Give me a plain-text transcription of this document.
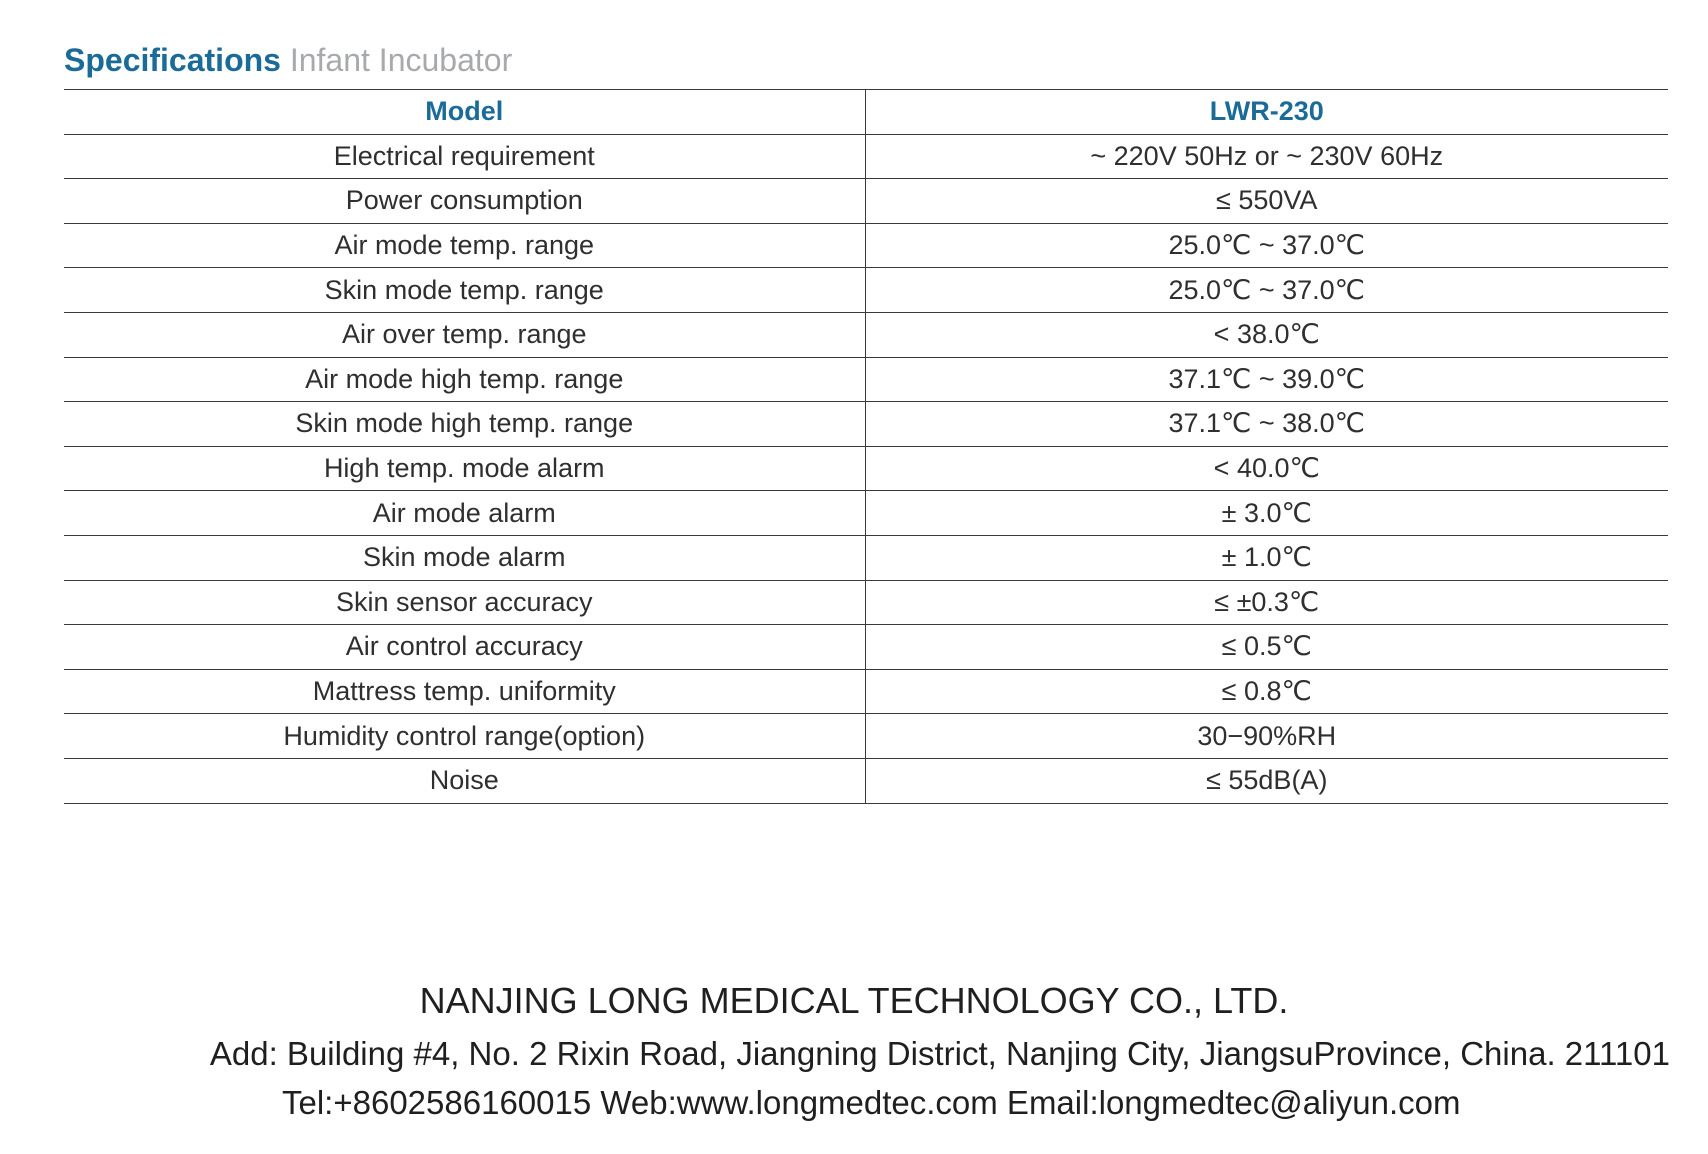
Specifications Infant Incubator
Model	LWR-230
Electrical requirement	~ 220V 50Hz or ~ 230V 60Hz
Power consumption	≤ 550VA
Air mode temp. range	25.0℃ ~ 37.0℃
Skin mode temp. range	25.0℃ ~ 37.0℃
Air over temp. range	< 38.0℃
Air mode high temp. range	37.1℃ ~ 39.0℃
Skin mode high temp. range	37.1℃ ~ 38.0℃
High temp. mode alarm	< 40.0℃
Air mode alarm	± 3.0℃
Skin mode alarm	± 1.0℃
Skin sensor accuracy	≤ ±0.3℃
Air control accuracy	≤ 0.5℃
Mattress temp. uniformity	≤ 0.8℃
Humidity control range(option)	30−90%RH
Noise	≤ 55dB(A)
NANJING LONG MEDICAL TECHNOLOGY CO., LTD.
Add: Building #4, No. 2 Rixin Road, Jiangning District, Nanjing City, JiangsuProvince, China. 211101
Tel:+8602586160015 Web:www.longmedtec.com Email:longmedtec@aliyun.com
